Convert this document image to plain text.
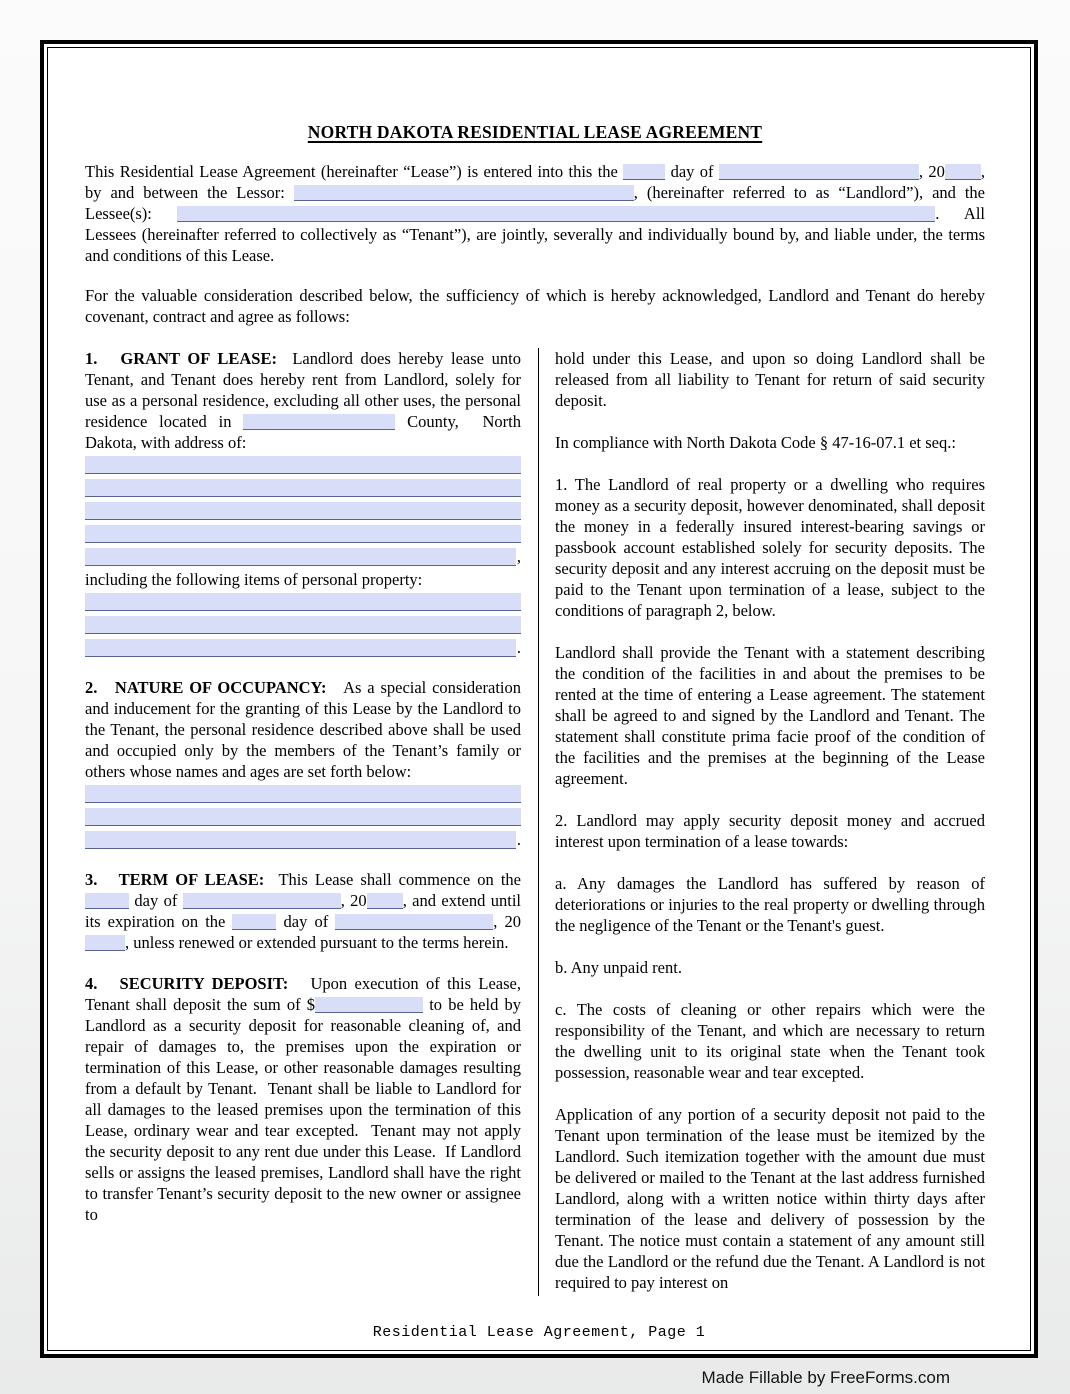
NORTH DAKOTA RESIDENTIAL LEASE AGREEMENT

This Residential Lease Agreement (hereinafter “Lease”) is entered into this the	day of	, 20 , by and between the Lessor:	, (hereinafter referred to as “Landlord”), and the Lessee(s):	. All Lessees (hereinafter referred to collectively as “Tenant”), are jointly, severally and individually bound by, and liable under, the terms and conditions of this Lease.

For the valuable consideration described below, the sufficiency of which is hereby acknowledged, Landlord and Tenant do hereby covenant, contract and agree as follows:

1.   GRANT OF LEASE:  Landlord does hereby lease unto Tenant, and Tenant does hereby rent from Landlord, solely for use as a personal residence, excluding all other uses, the personal residence located in	County,  North Dakota, with address of:

,

including the following items of personal property:

.

2.   NATURE OF OCCUPANCY:   As a special consideration and inducement for the granting of this Lease by the Landlord to the Tenant, the personal residence described above shall be used and occupied only by the members of the Tenant’s family or others whose names and ages are set forth below:

.

3.   TERM OF LEASE:  This Lease shall commence on the  day of	, 20 , and extend until its expiration on the	day of	, 20, unless renewed or extended pursuant to the terms herein.

4.   SECURITY DEPOSIT:   Upon execution of this Lease, Tenant shall deposit the sum of $	to be held by Landlord as a security deposit for reasonable cleaning of, and repair of damages to, the premises upon the expiration or termination of this Lease, or other reasonable damages resulting from a default by Tenant.  Tenant shall be liable to Landlord for all damages to the leased premises upon the termination of this Lease, ordinary wear and tear excepted.  Tenant may not apply the security deposit to any rent due under this Lease.  If Landlord sells or assigns the leased premises, Landlord shall have the right to transfer Tenant’s security deposit to the new owner or assignee to

hold under this Lease, and upon so doing Landlord shall be released from all liability to Tenant for return of said security deposit.

In compliance with North Dakota Code § 47-16-07.1 et seq.:

1. The Landlord of real property or a dwelling who requires money as a security deposit, however denominated, shall deposit the money in a federally insured interest-bearing savings or passbook account established solely for security deposits. The security deposit and any interest accruing on the deposit must be paid to the Tenant upon termination of a lease, subject to the conditions of paragraph 2, below.

Landlord shall provide the Tenant with a statement describing the condition of the facilities in and about the premises to be rented at the time of entering a Lease agreement. The statement shall be agreed to and signed by the Landlord and Tenant. The statement shall constitute prima facie proof of the condition of the facilities and the premises at the beginning of the Lease agreement.

2. Landlord may apply security deposit money and accrued interest upon termination of a lease towards:

a. Any damages the Landlord has suffered by reason of deteriorations or injuries to the real property or dwelling through the negligence of the Tenant or the Tenant's guest.

b. Any unpaid rent.

c. The costs of cleaning or other repairs which were the responsibility of the Tenant, and which are necessary to return the dwelling unit to its original state when the Tenant took possession, reasonable wear and tear excepted.

Application of any portion of a security deposit not paid to the Tenant upon termination of the lease must be itemized by the Landlord. Such itemization together with the amount due must be delivered or mailed to the Tenant at the last address furnished Landlord, along with a written notice within thirty days after termination of the lease and delivery of possession by the Tenant. The notice must contain a statement of any amount still due the Landlord or the refund due the Tenant. A Landlord is not required to pay interest on

Residential Lease Agreement, Page 1
Made Fillable by FreeForms.com
